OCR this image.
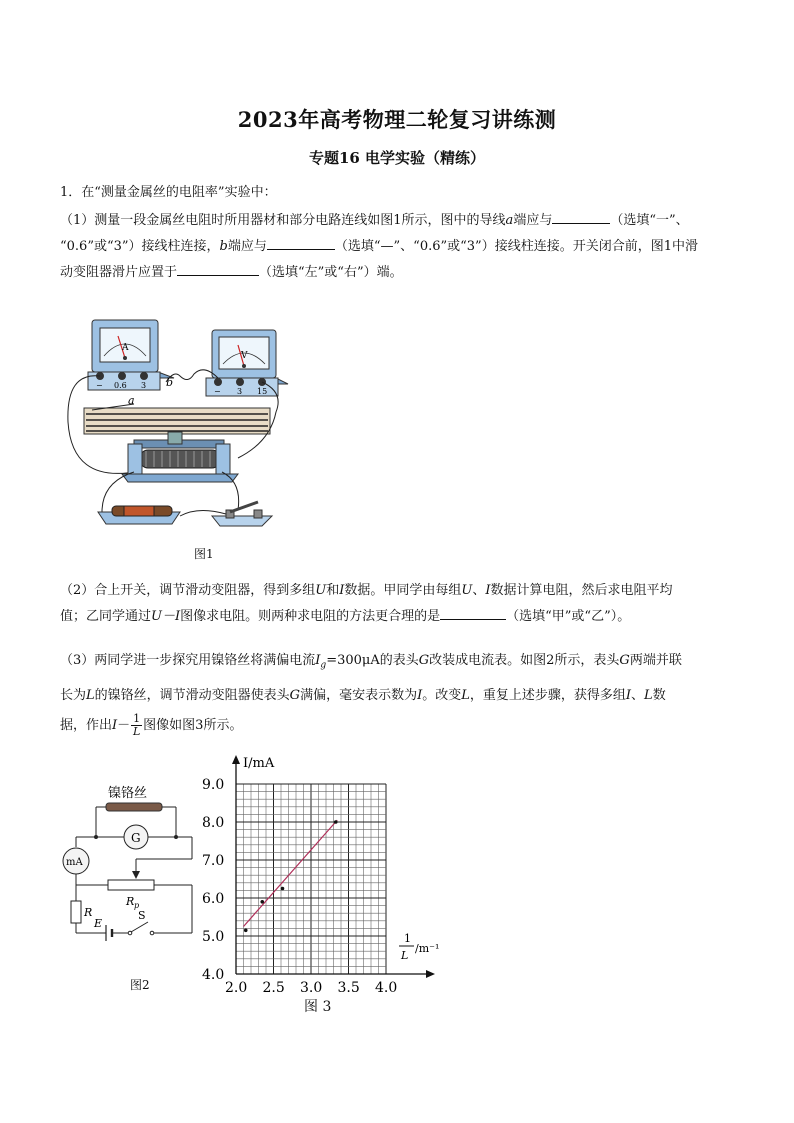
2023年高考物理二轮复习讲练测
专题16 电学实验（精练）
1．在“测量金属丝的电阻率”实验中：
（1）测量一段金属丝电阻时所用器材和部分电路连线如图1所示，图中的导线a端应与	（选填“一”、
“0.6”或“3”）接线柱连接，b端应与	（选填“—”、“0.6”或“3”）接线柱连接。开关闭合前，图1中滑
动变阻器滑片应置于	（选填“左”或“右”）端。
A
− 0.6 3
V
− 3 15
b
a
图1
（2）合上开关，调节滑动变阻器，得到多组U和I数据。甲同学由每组U、I数据计算电阻，然后求电阻平均
值；乙同学通过U－I图像求电阻。则两种求电阻的方法更合理的是	（选填“甲”或“乙”）。
（3）两同学进一步探究用镍铬丝将满偏电流$I_g=300\mu A$的表头G改装成电流表。如图2所示，表头G两端并联
长为L的镍铬丝，调节滑动变阻器使表头G满偏，毫安表示数为I。改变L，重复上述步骤，获得多组I、L数
据，作出$I- \frac{1}{L}$ 图像如图3所示。
镍铬丝
G
mA
R p
R
E
S
图2	2.0 2.5 3.0 3.5 4.0
4.0
5.0
6.0
7.0
8.0
9.0
I/mA
1
L
/m⁻¹
图 3
